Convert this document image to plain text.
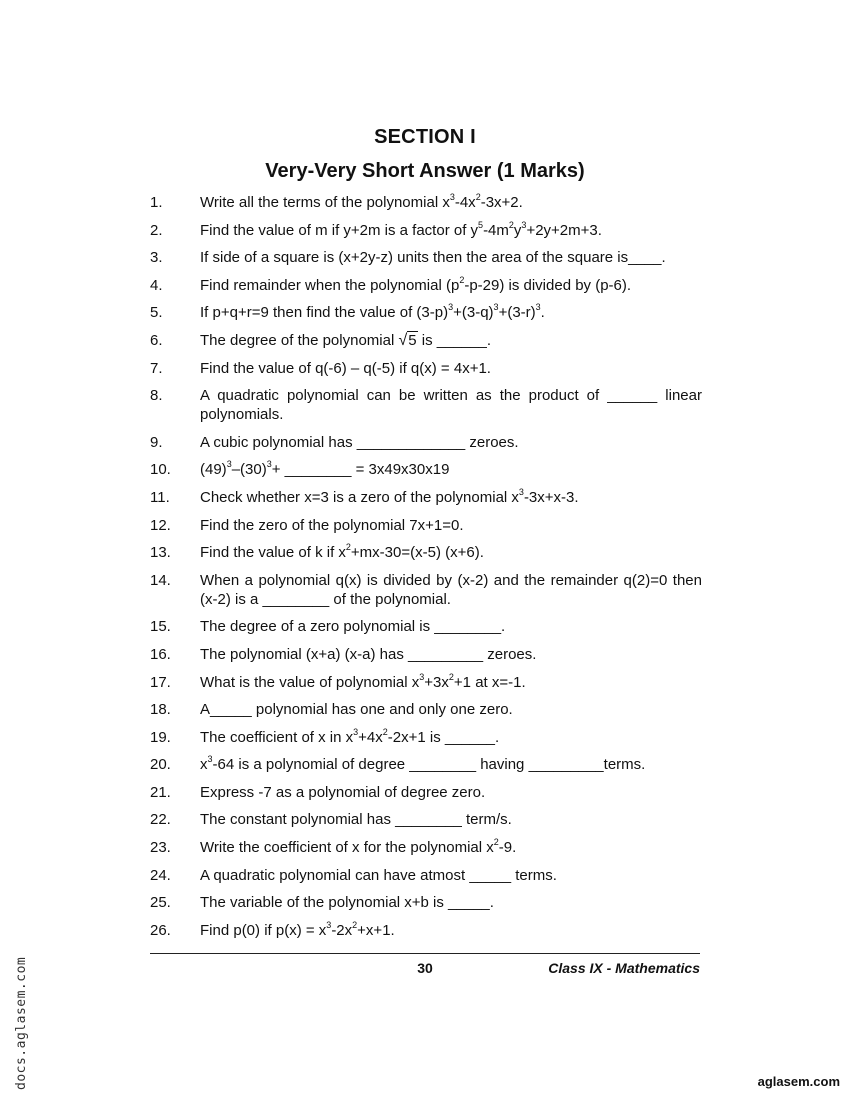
SECTION I
Very-Very Short Answer (1 Marks)
1.	Write all the terms of the polynomial $x^3-4x^2-3x+2$.
2.	Find the value of m if y+2m is a factor of $y^5-4m^2y^3+2y+2m+3$.
3.	If side of a square is (x+2y-z) units then the area of the square is____.
4.	Find remainder when the polynomial $(p^2-p-29)$ is divided by (p-6).
5.	If p+q+r=9 then find the value of $(3-p)^3+(3-q)^3+(3-r)^3$.
6.	The degree of the polynomial √5 is ______.
7.	Find the value of q(-6) – q(-5) if q(x) = 4x+1.
8.	A quadratic polynomial can be written as the product of ______ linear polynomials.
9.	A cubic polynomial has _____________ zeroes.
10.	$(49)^3-(30)^3+$ ________ = 3x49x30x19
11.	Check whether x=3 is a zero of the polynomial $x^3-3x+x-3$.
12.	Find the zero of the polynomial 7x+1=0.
13.	Find the value of k if $x^2+mx-30=(x-5)$ (x+6).
14.	When a polynomial q(x) is divided by (x-2) and the remainder q(2)=0 then (x-2) is a ________ of the polynomial.
15.	The degree of a zero polynomial is ________.
16.	The polynomial (x+a) (x-a) has _________ zeroes.
17.	What is the value of polynomial $x^3+3x^2+1$ at x=-1.
18.	A_____ polynomial has one and only one zero.
19.	The coefficient of x in $x^3+4x^2-2x+1$ is ______.
20.	$x^3-64$ is a polynomial of degree ________ having _________terms.
21.	Express -7 as a polynomial of degree zero.
22.	The constant polynomial has ________ term/s.
23.	Write the coefficient of x for the polynomial $x^2-9$.
24.	A quadratic polynomial can have atmost _____ terms.
25.	The variable of the polynomial x+b is _____.
26.	Find p(0) if $p(x) = x^3-2x^2+x+1$.
30	Class IX - Mathematics
docs.aglasem.com	aglasem.com
